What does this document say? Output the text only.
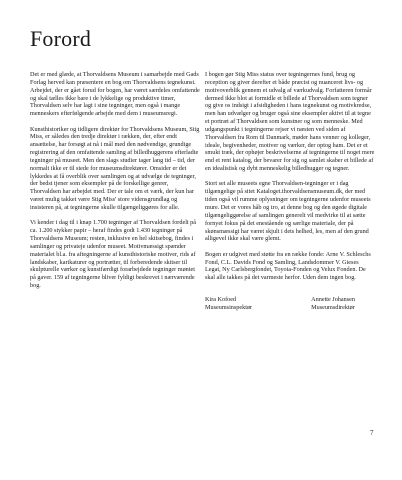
Forord

Det er med glæde, at Thorvaldsens Museum i samarbejde med Gads Forlag herved kan præsentere en bog om Thorvaldsens tegnekunst. Arbejdet, der er gået forud for bogen, har været særdeles omfattende og skal tælles ikke bare i de lykkelige og produktive timer, Thorvaldsen selv har lagt i sine tegninger, men også i mange menneskers efterfølgende arbejde med dem i museumsregi.

Kunsthistoriker og tidligere direktør for Thorvaldsens Museum, Stig Miss, er således den tredje direktør i rækken, der, efter endt ansættelse, har forsøgt at nå i mål med den nødvendige, grundige registrering af den omfattende samling af billedhuggerens efterladte tegninger på museet. Men den slags studier tager lang tid – tid, der normalt ikke er til stede for museumsdirektører. Omsider er det lykkedes at få overblik over samlingen og at udvælge de tegninger, der bedst tjener som eksempler på de forskellige genrer, Thorvaldsen har arbejdet med. Der er tale om et værk, der kun har været mulig takket være Stig Miss' store vidensgrundlag og insisteren på, at tegningerne skulle tilgængeliggøres for alle.

Vi kender i dag til i knap 1.700 tegninger af Thorvaldsen fordelt på ca. 1.200 stykker papir – heraf findes godt 1.430 tegninger på Thorvaldsens Museum; resten, inklusive en hel skitsebog, findes i samlinger og privateje udenfor museet. Motivmæssigt spænder materialet bl.a. fra aftegningerne af kunsthistoriske motiver, rids af landskaber, karikaturer og portrætter, til forberedende skitser til skulpturelle værker og kunstfærdigt forarbejdede tegninger møntet på gaver. 159 af tegningerne bliver fyldigt beskrevet i nærværende bog.

I bogen gør Stig Miss status over tegningernes fund, brug og reception og giver derefter et både præcist og nuanceret livs- og motivoverblik gennem et udvalg af værkudvalg. Forfatteren formår dermed ikke blot at formidle et billede af Thorvaldsen som tegner og give os indsigt i afsidigheden i hans tegnekunst og motivkredse, men han udvælger og bruger også sine eksempler aktivt til at tegne et portræt af Thorvaldsen som kunstner og som menneske. Med udgangspunkt i tegningerne rejser vi næsten ved siden af Thorvaldsen fra Rom til Danmark, møder hans venner og kolleger, ideale, begivenheder, motiver og værker, der optog ham. Det er et smukt træk, der ophøjer beskrivelserne af tegningerne til noget mere end et rent katalog, der bevarer for sig og samlet skaber et billede af en idealistisk og dybt menneskelig billedhugger og tegner.

Stort set alle museets egne Thorvaldsen-tegninger er i dag tilgængelige på sitet Kataloget.thorvaldsensmuseum.dk, der med tiden også vil rumme oplysninger om tegningerne udenfor museets mure. Det er vores håb og tro, at denne bog og den øgede digitale tilgængeliggørelse af samlingen generelt vil medvirke til at sætte fornyet fokus på det enestående og særlige materiale, der på skønsmæssigt har været skjult i dets helhed, les, men af den grund alligevel ikke skal være glemt.

Bogen er udgivet med støtte fra en række fonde: Arne V. Schleschs Fond, C.L. Davids Fond og Samling, Landsdommer V. Gieses Legat, Ny Carlsbergfondet, Toyota-Fonden og Velux Fonden. De skal alle takkes på det varmeste herfor. Uden dem ingen bog.

Kira Kofoed
Museumsinspektør
Annette Johansen
Museumsdirektør
7
